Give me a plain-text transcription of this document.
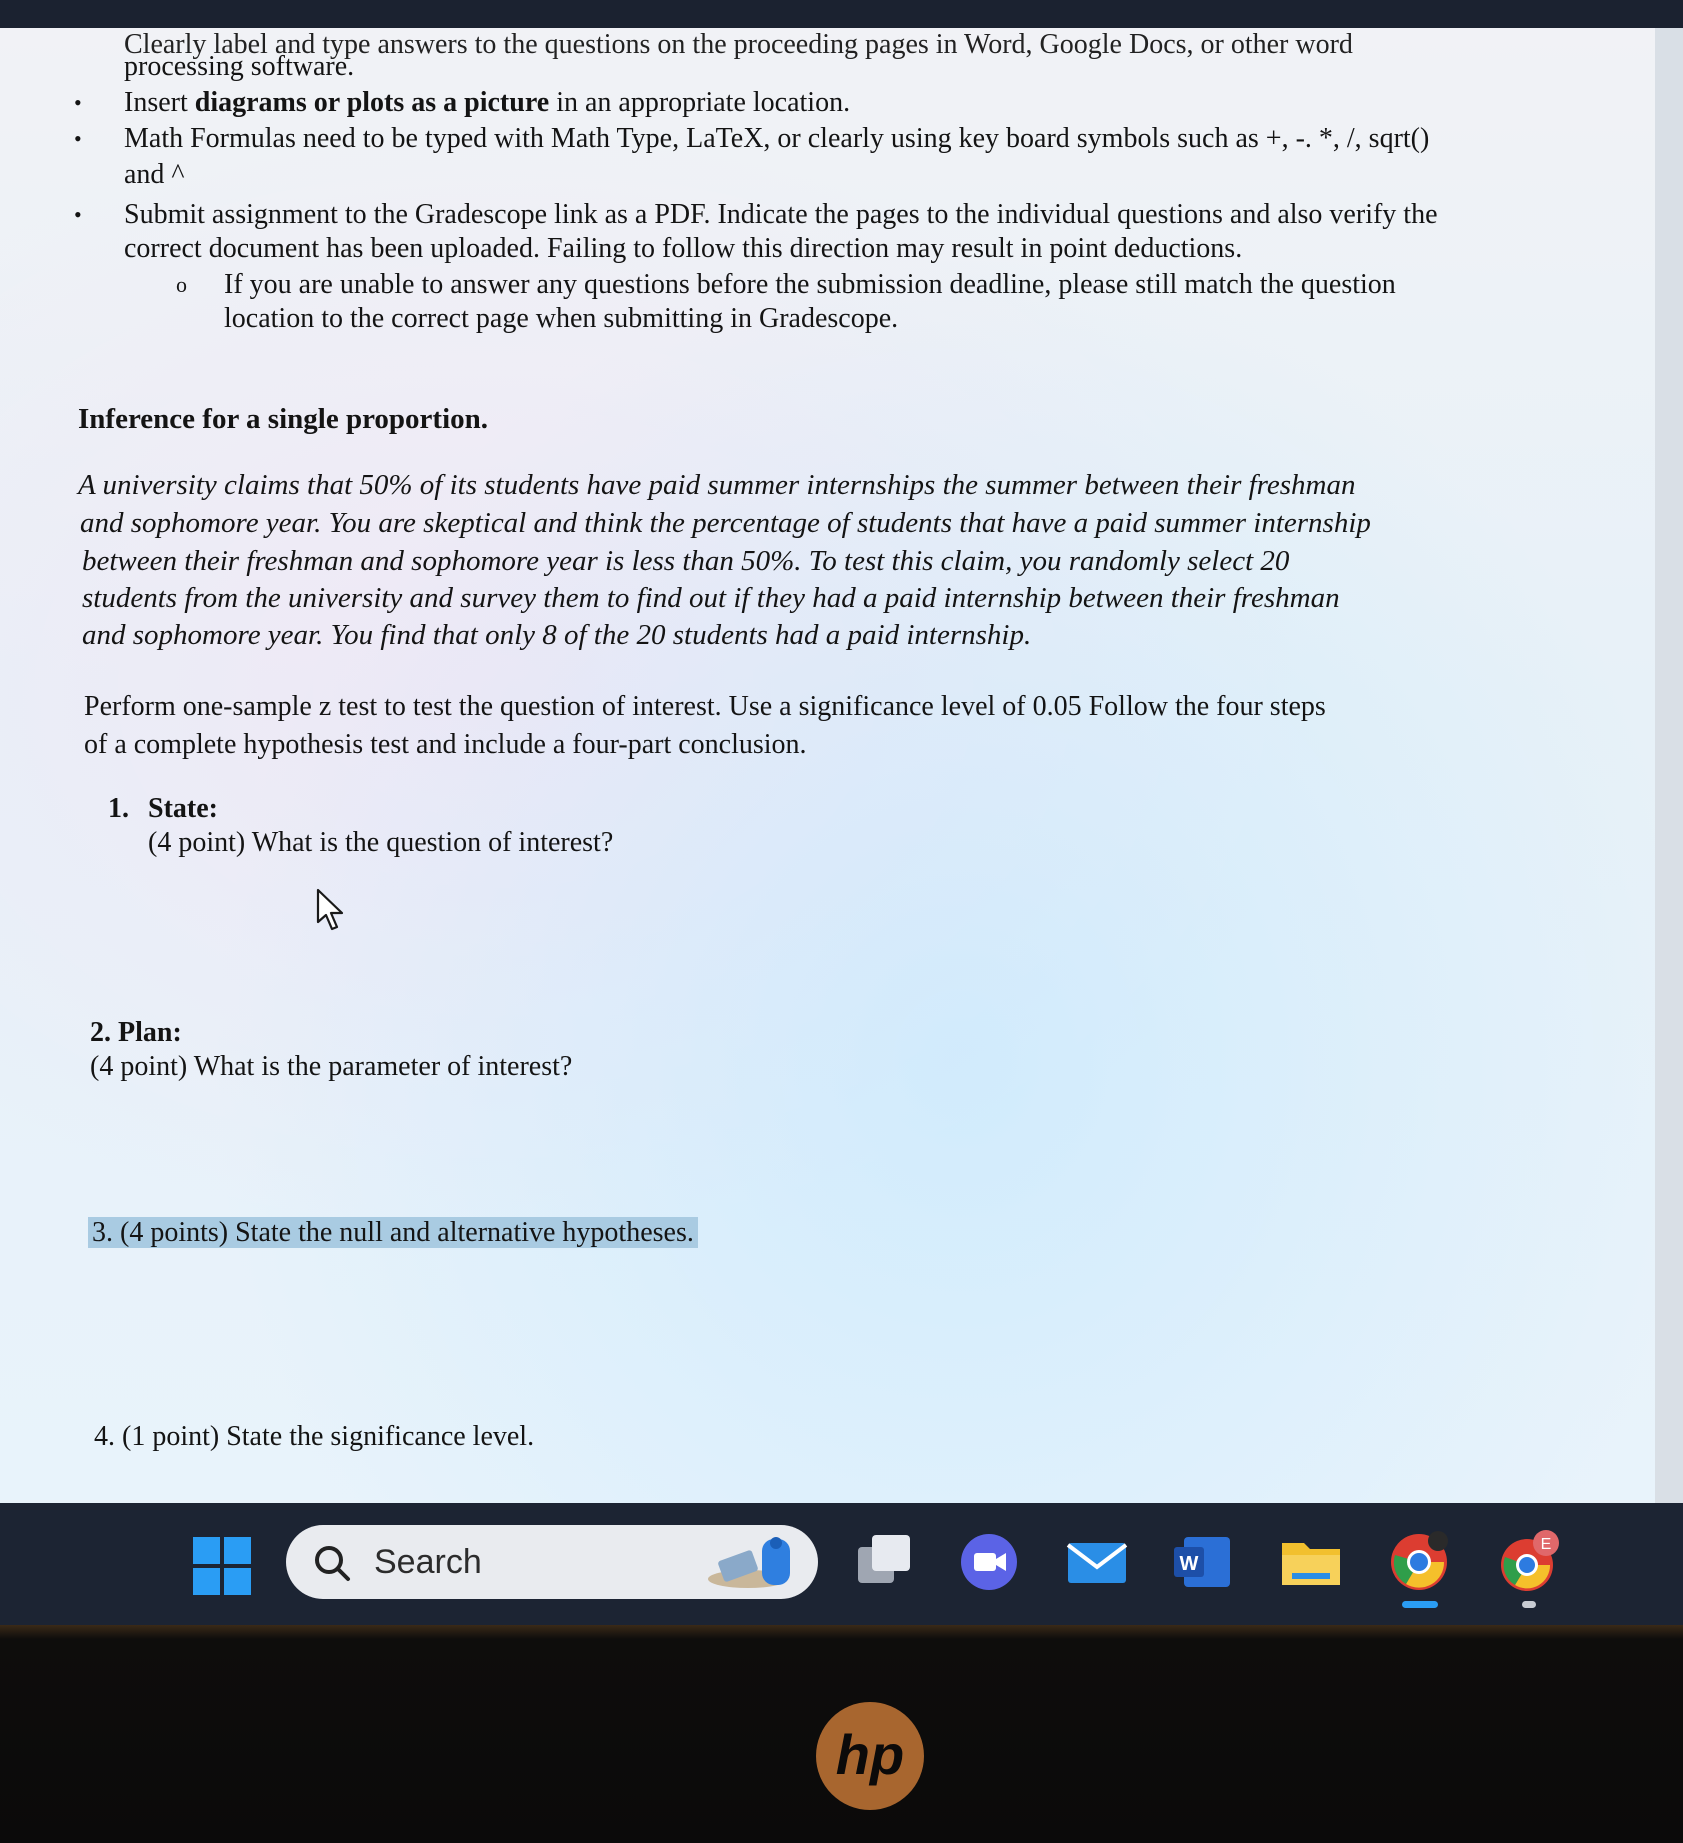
Clearly label and type answers to the questions on the proceeding pages in Word, Google Docs, or other word
processing software.
• Insert diagrams or plots as a picture in an appropriate location.
• Math Formulas need to be typed with Math Type, LaTeX, or clearly using key board symbols such as +, -. *, /, sqrt()
and ^
• Submit assignment to the Gradescope link as a PDF. Indicate the pages to the individual questions and also verify the
correct document has been uploaded. Failing to follow this direction may result in point deductions.
o If you are unable to answer any questions before the submission deadline, please still match the question
location to the correct page when submitting in Gradescope.
Inference for a single proportion.
A university claims that 50% of its students have paid summer internships the summer between their freshman
and sophomore year. You are skeptical and think the percentage of students that have a paid summer internship
between their freshman and sophomore year is less than 50%. To test this claim, you randomly select 20
students from the university and survey them to find out if they had a paid internship between their freshman
and sophomore year. You find that only 8 of the 20 students had a paid internship.
Perform one-sample z test to test the question of interest. Use a significance level of 0.05 Follow the four steps
of a complete hypothesis test and include a four-part conclusion.
1. State:
(4 point) What is the question of interest?
2. Plan:
(4 point) What is the parameter of interest?
3. (4 points) State the null and alternative hypotheses.
4. (1 point) State the significance level.
Search	W
E
hp
